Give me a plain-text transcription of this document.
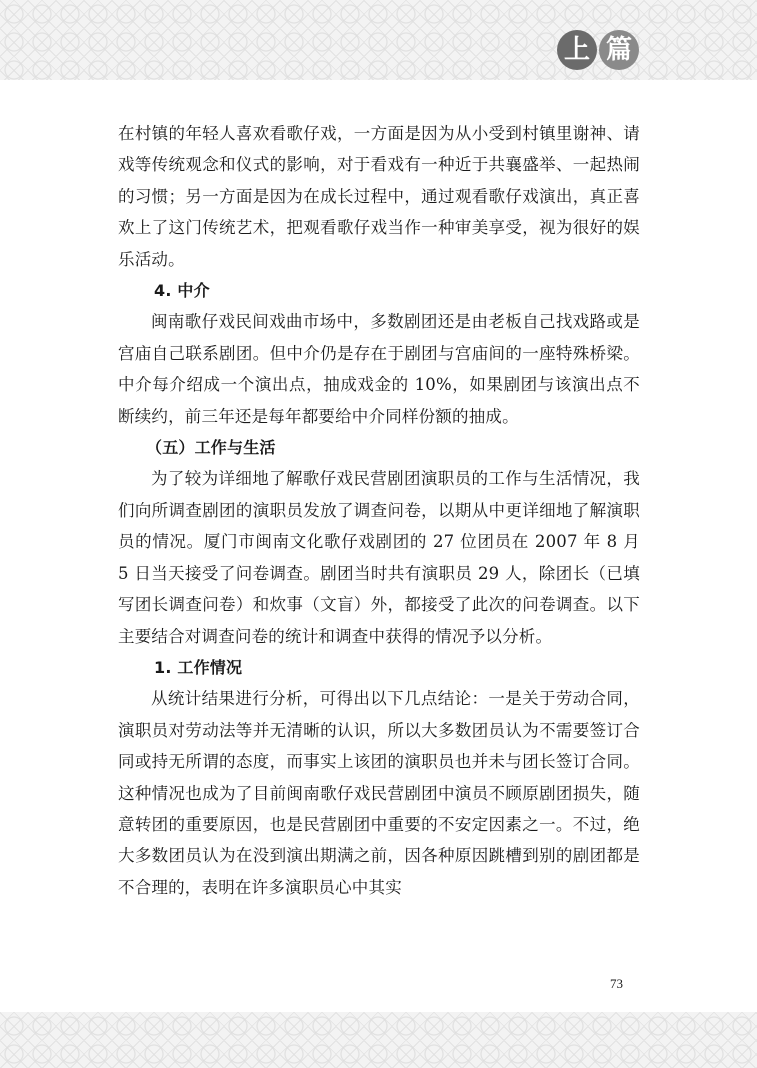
上 篇

在村镇的年轻人喜欢看歌仔戏，一方面是因为从小受到村镇里谢神、请戏等传统观念和仪式的影响，对于看戏有一种近于共襄盛举、一起热闹的习惯；另一方面是因为在成长过程中，通过观看歌仔戏演出，真正喜欢上了这门传统艺术，把观看歌仔戏当作一种审美享受，视为很好的娱乐活动。

4. 中介

闽南歌仔戏民间戏曲市场中，多数剧团还是由老板自己找戏路或是宫庙自己联系剧团。但中介仍是存在于剧团与宫庙间的一座特殊桥梁。中介每介绍成一个演出点，抽成戏金的 10%，如果剧团与该演出点不断续约，前三年还是每年都要给中介同样份额的抽成。

（五）工作与生活

为了较为详细地了解歌仔戏民营剧团演职员的工作与生活情况，我们向所调查剧团的演职员发放了调查问卷，以期从中更详细地了解演职员的情况。厦门市闽南文化歌仔戏剧团的 27 位团员在 2007 年 8 月 5 日当天接受了问卷调查。剧团当时共有演职员 29 人，除团长（已填写团长调查问卷）和炊事（文盲）外，都接受了此次的问卷调查。以下主要结合对调查问卷的统计和调查中获得的情况予以分析。

1. 工作情况

从统计结果进行分析，可得出以下几点结论：一是关于劳动合同，演职员对劳动法等并无清晰的认识，所以大多数团员认为不需要签订合同或持无所谓的态度，而事实上该团的演职员也并未与团长签订合同。这种情况也成为了目前闽南歌仔戏民营剧团中演员不顾原剧团损失，随意转团的重要原因，也是民营剧团中重要的不安定因素之一。不过，绝大多数团员认为在没到演出期满之前，因各种原因跳槽到别的剧团都是不合理的，表明在许多演职员心中其实

73
